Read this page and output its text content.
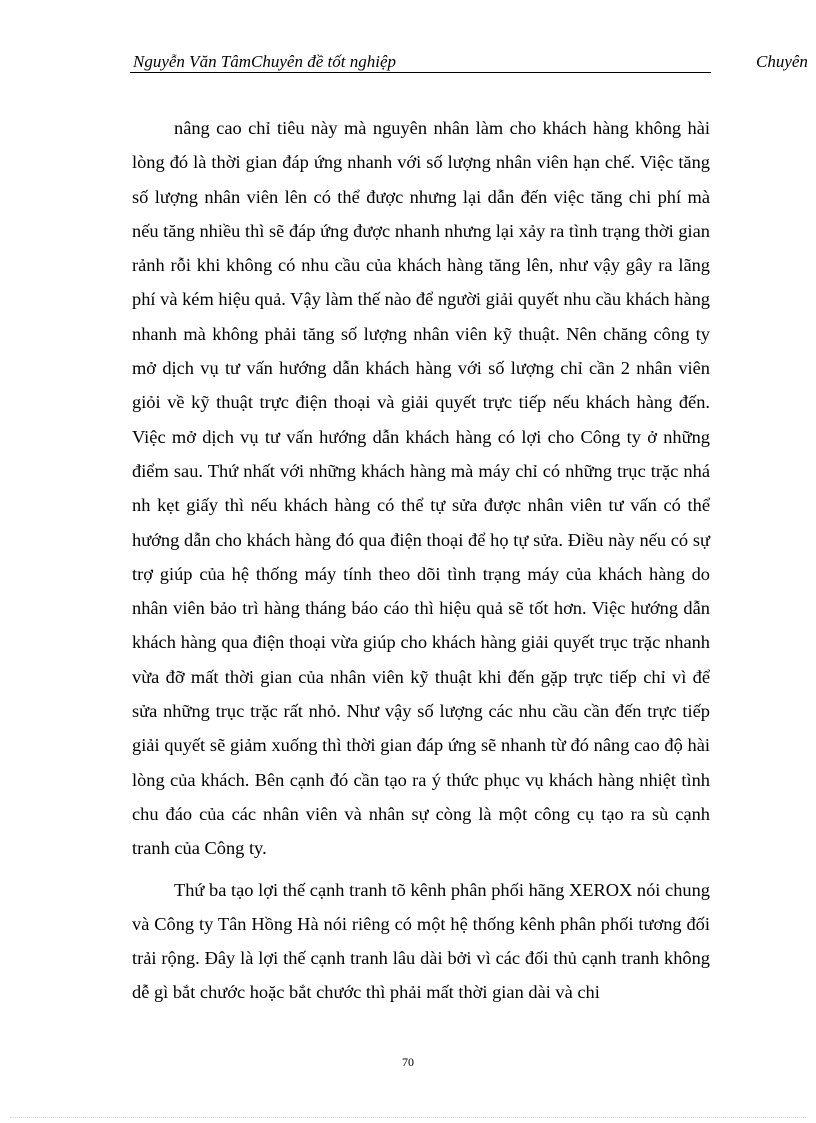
Nguyễn Văn TâmChuyên đề tốt nghiệp	Chuyên

nâng cao chỉ tiêu này mà nguyên nhân làm cho khách hàng không hài lòng đó là thời gian đáp ứng nhanh với số lượng nhân viên hạn chế. Việc tăng số lượng nhân viên lên có thể được nhưng lại dẫn đến việc tăng chi phí mà nếu tăng nhiều thì sẽ đáp ứng được nhanh nhưng lại xảy ra tình trạng thời gian rảnh rỗi khi không có nhu cầu của khách hàng tăng lên, như vậy gây ra lãng phí và kém hiệu quả. Vậy làm thế nào để người giải quyết nhu cầu khách hàng nhanh mà không phải tăng số lượng nhân viên kỹ thuật. Nên chăng công ty mở dịch vụ tư vấn hướng dẫn khách hàng với số lượng chỉ cần 2 nhân viên giỏi về kỹ thuật trực điện thoại và giải quyết trực tiếp nếu khách hàng đến. Việc mở dịch vụ tư vấn hướng dẫn khách hàng có lợi cho Công ty ở những điểm sau. Thứ nhất với những khách hàng mà máy chỉ có những trục trặc nhá nh kẹt giấy thì nếu khách hàng có thể tự sửa được nhân viên tư vấn có thể hướng dẫn cho khách hàng đó qua điện thoại để họ tự sửa. Điều này nếu có sự trợ giúp của hệ thống máy tính theo dõi tình trạng máy của khách hàng do nhân viên bảo trì hàng tháng báo cáo thì hiệu quả sẽ tốt hơn. Việc hướng dẫn khách hàng qua điện thoại vừa giúp cho khách hàng giải quyết trục trặc nhanh vừa đỡ mất thời gian của nhân viên kỹ thuật khi đến gặp trực tiếp chỉ vì để sửa những trục trặc rất nhỏ. Như vậy số lượng các nhu cầu cần đến trực tiếp giải quyết sẽ giảm xuống thì thời gian đáp ứng sẽ nhanh từ đó nâng cao độ hài lòng của khách. Bên cạnh đó cần tạo ra ý thức phục vụ khách hàng nhiệt tình chu đáo của các nhân viên và nhân sự còng là một công cụ tạo ra sù cạnh tranh của Công ty.

Thứ ba tạo lợi thế cạnh tranh tõ kênh phân phối hãng XEROX nói chung và Công ty Tân Hồng Hà nói riêng có một hệ thống kênh phân phối tương đối trải rộng. Đây là lợi thế cạnh tranh lâu dài bởi vì các đối thủ cạnh tranh không dễ gì bắt chước hoặc bắt chước thì phải mất thời gian dài và chi

70
